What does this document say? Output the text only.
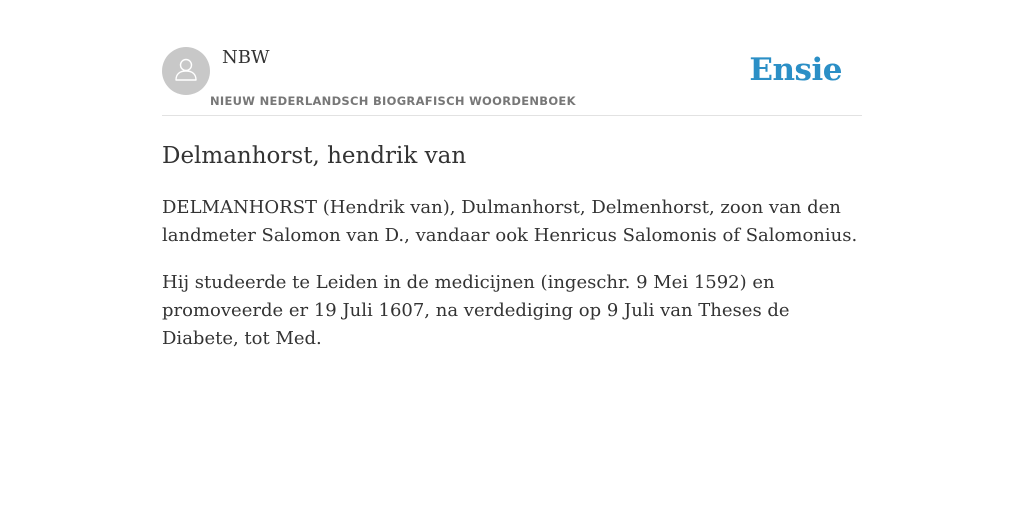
NBW
NIEUW NEDERLANDSCH BIOGRAFISCH WOORDENBOEK
Ensie
Delmanhorst, hendrik van

DELMANHORST (Hendrik van), Dulmanhorst, Delmenhorst, zoon van den landmeter Salomon van D., vandaar ook Henricus Salomonis of Salomonius.

Hij studeerde te Leiden in de medicijnen (ingeschr. 9 Mei 1592) en promoveerde er 19 Juli 1607, na verdediging op 9 Juli van Theses de Diabete, tot Med.
